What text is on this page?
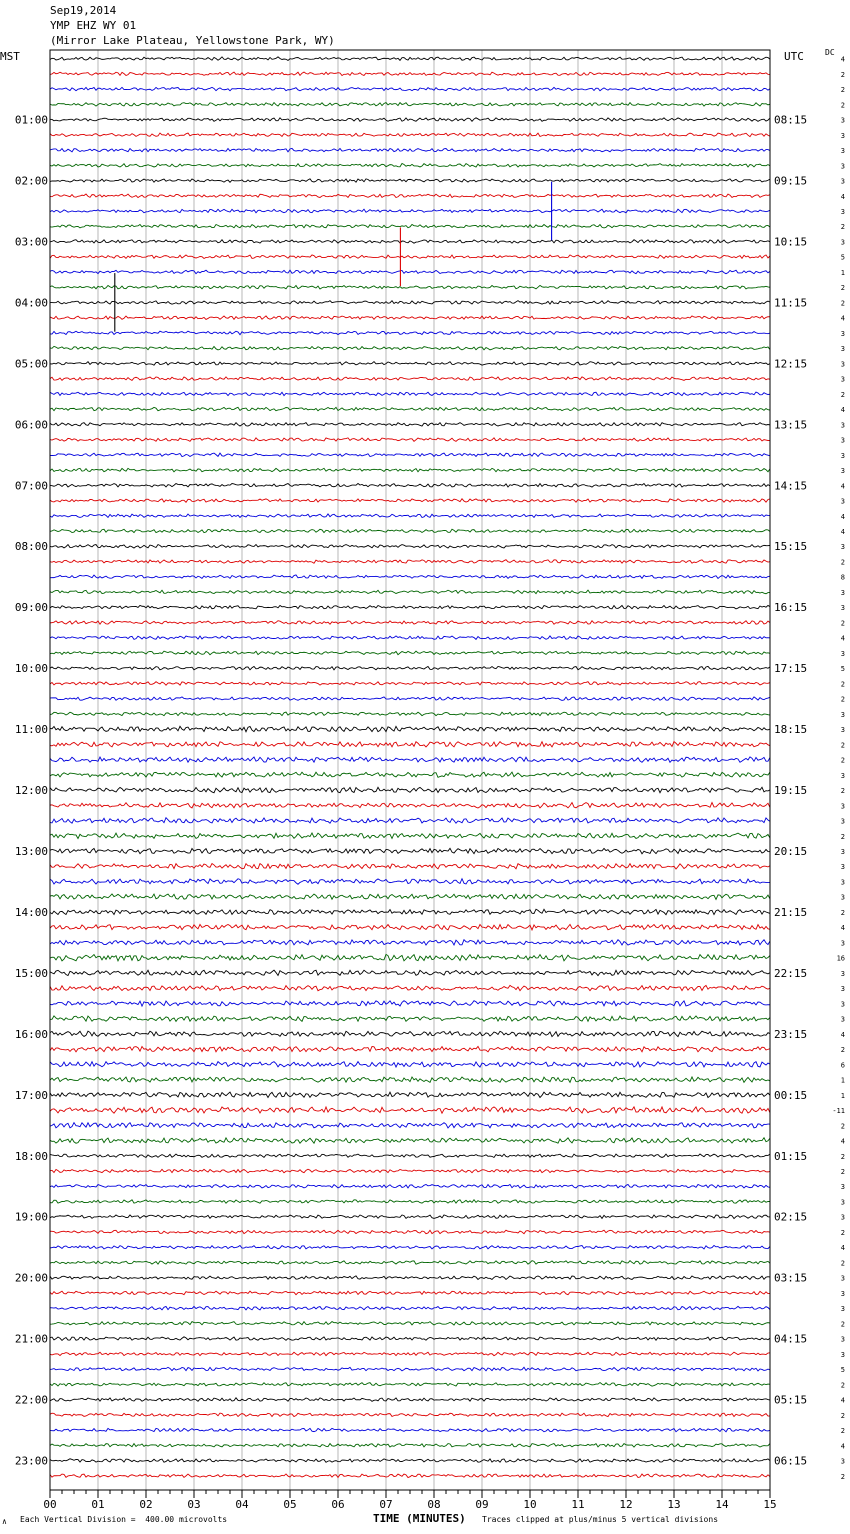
00	01	02	03	04	05	06	07	08	09	10	11	12	13	14	15
01:00	08:15
02:00	09:15
03:00	10:15
04:00	11:15
05:00	12:15
06:00	13:15
07:00	14:15
08:00	15:15
09:00	16:15
10:00	17:15
11:00	18:15
12:00	19:15
13:00	20:15
14:00	21:15
15:00	22:15
16:00	23:15
17:00	00:15
18:00	01:15
19:00	02:15
20:00	03:15
21:00	04:15
22:00	05:15
23:00	06:15
4
2
2
2
3
3
3
3
3
4
3
2
3
5
1
2
2
4
3
3
3
3
2
4
3
3
3
3
4
3
4
4
3
2
8
3
3
2
4
3
5
2
2
3
3
2
2
3
2
3
3
2
3
3
3
3
2
4
3
16
3
3
3
3
4
2
6
1
1
-11
2
4
2
2
3
3
3
2
4
2
3
3
3
2
3
3
5
2
4
2
2
4
3
2
Sep19,2014
YMP EHZ WY 01
(Mirror Lake Plateau, Yellowstone Park, WY)
MST	UTC	DC
∧ Each Vertical Division =  400.00 microvolts	TIME (MINUTES) Traces clipped at plus/minus 5 vertical divisions
